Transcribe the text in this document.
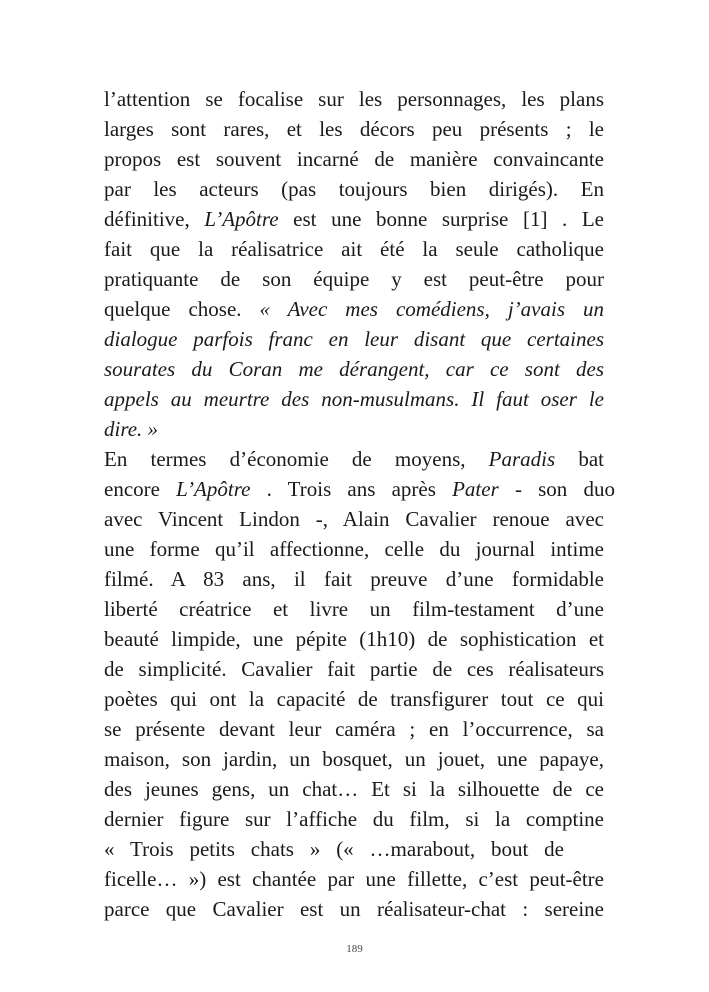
l’attention se focalise sur les personnages, les plans
larges sont rares, et les décors peu présents ; le
propos est souvent incarné de manière convaincante
par les acteurs (pas toujours bien dirigés). En
définitive, L’Apôtre est une bonne surprise [1] . Le
fait que la réalisatrice ait été la seule catholique
pratiquante de son équipe y est peut-être pour
quelque chose. « Avec mes comédiens, j’avais un
dialogue parfois franc en leur disant que certaines
sourates du Coran me dérangent, car ce sont des
appels au meurtre des non-musulmans. Il faut oser le
dire. »
En termes d’économie de moyens, Paradis bat
encore L’Apôtre . Trois ans après Pater - son duo
avec Vincent Lindon -, Alain Cavalier renoue avec
une forme qu’il affectionne, celle du journal intime
filmé. A 83 ans, il fait preuve d’une formidable
liberté créatrice et livre un film-testament d’une
beauté limpide, une pépite (1h10) de sophistication et
de simplicité. Cavalier fait partie de ces réalisateurs
poètes qui ont la capacité de transfigurer tout ce qui
se présente devant leur caméra ; en l’occurrence, sa
maison, son jardin, un bosquet, un jouet, une papaye,
des jeunes gens, un chat… Et si la silhouette de ce
dernier figure sur l’affiche du film, si la comptine
« Trois petits chats » (« …marabout, bout de
ficelle… ») est chantée par une fillette, c’est peut-être
parce que Cavalier est un réalisateur-chat : sereine
189
